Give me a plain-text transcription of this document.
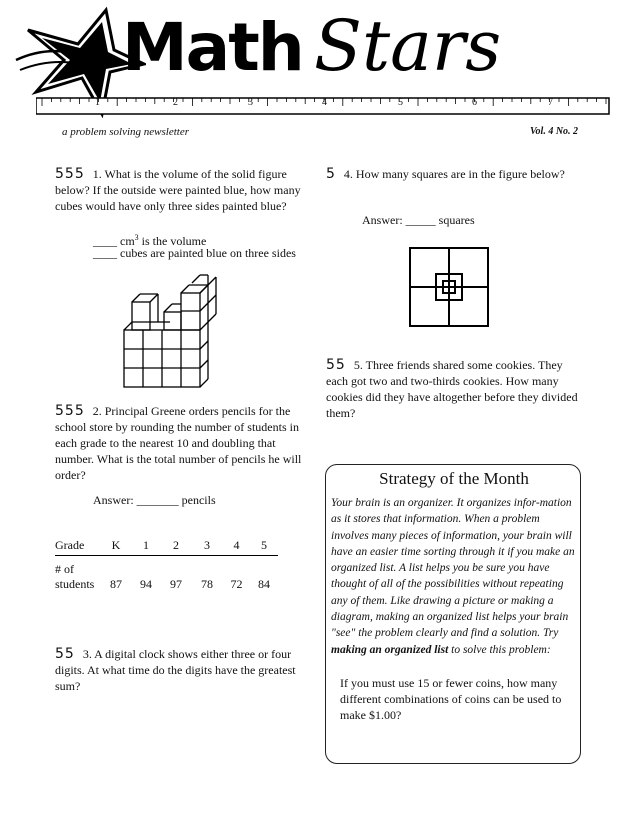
Math Stars
1	2	3	4	5	6	7
a problem solving newsletter	Vol. 4 No. 2
555 1. What is the volume of the solid figure below? If the outside were painted blue, how many cubes would have only three sides painted blue?
____ $cm^3$ is the volume
____ cubes are painted blue on three sides
555 2. Principal Greene orders pencils for the school store by rounding the number of students in each grade to the nearest 10 and doubling that number. What is the total number of pencils he will order?
Answer: _______ pencils
Grade	K	1	2	3	4	5
# of
students	87	94	97	78	72	84
55 3. A digital clock shows either three or four digits. At what time do the digits have the greatest sum?
5 4. How many squares are in the figure below?
Answer: _____ squares
55 5. Three friends shared some cookies. They each got two and two-thirds cookies. How many cookies did they have altogether before they divided them?
Strategy of the Month
Your brain is an organizer. It organizes infor-mation as it stores that information. When a problem involves many pieces of information, your brain will have an easier time sorting through it if you make an organized list. A list helps you be sure you have thought of all of the possibilities without repeating any of them. Like drawing a picture or making a diagram, making an organized list helps your brain "see" the problem clearly and find a solution. Try making an organized list to solve this problem:
If you must use 15 or fewer coins, how many different combinations of coins can be used to make $1.00?
